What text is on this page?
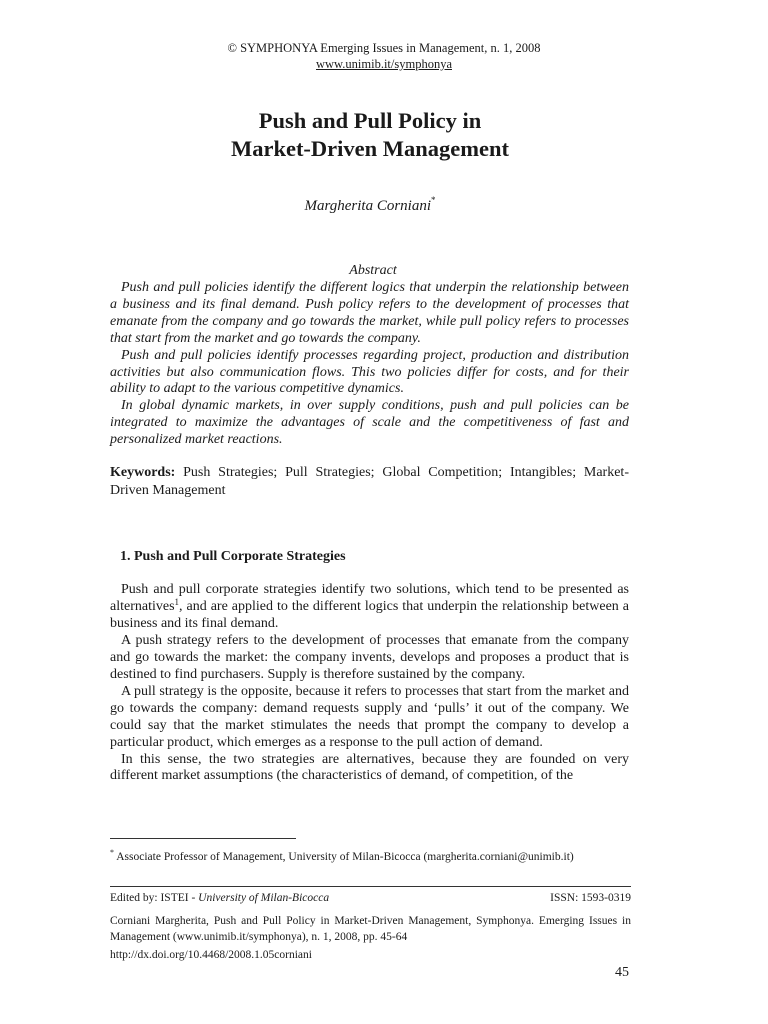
© SYMPHONYA Emerging Issues in Management, n. 1, 2008
www.unimib.it/symphonya
Push and Pull Policy in
Market-Driven Management
Margherita Corniani*
Abstract

Push and pull policies identify the different logics that underpin the relationship between a business and its final demand. Push policy refers to the development of processes that emanate from the company and go towards the market, while pull policy refers to processes that start from the market and go towards the company.

Push and pull policies identify processes regarding project, production and distribution activities but also communication flows. This two policies differ for costs, and for their ability to adapt to the various competitive dynamics.

In global dynamic markets, in over supply conditions, push and pull policies can be integrated to maximize the advantages of scale and the competitiveness of fast and personalized market reactions.

Keywords: Push Strategies; Pull Strategies; Global Competition; Intangibles; Market-Driven Management
1. Push and Pull Corporate Strategies

Push and pull corporate strategies identify two solutions, which tend to be presented as alternatives$^1$, and are applied to the different logics that underpin the relationship between a business and its final demand.

A push strategy refers to the development of processes that emanate from the company and go towards the market: the company invents, develops and proposes a product that is destined to find purchasers. Supply is therefore sustained by the company.

A pull strategy is the opposite, because it refers to processes that start from the market and go towards the company: demand requests supply and ‘pulls’ it out of the company. We could say that the market stimulates the needs that prompt the company to develop a particular product, which emerges as a response to the pull action of demand.

In this sense, the two strategies are alternatives, because they are founded on very different market assumptions (the characteristics of demand, of competition, of the

* Associate Professor of Management, University of Milan-Bicocca (margherita.corniani@unimib.it)
Edited by: ISTEI - University of Milan-Bicocca	ISSN: 1593-0319
Corniani Margherita, Push and Pull Policy in Market-Driven Management, Symphonya. Emerging Issues in Management (www.unimib.it/symphonya), n. 1, 2008, pp. 45-64
http://dx.doi.org/10.4468/2008.1.05corniani
45
